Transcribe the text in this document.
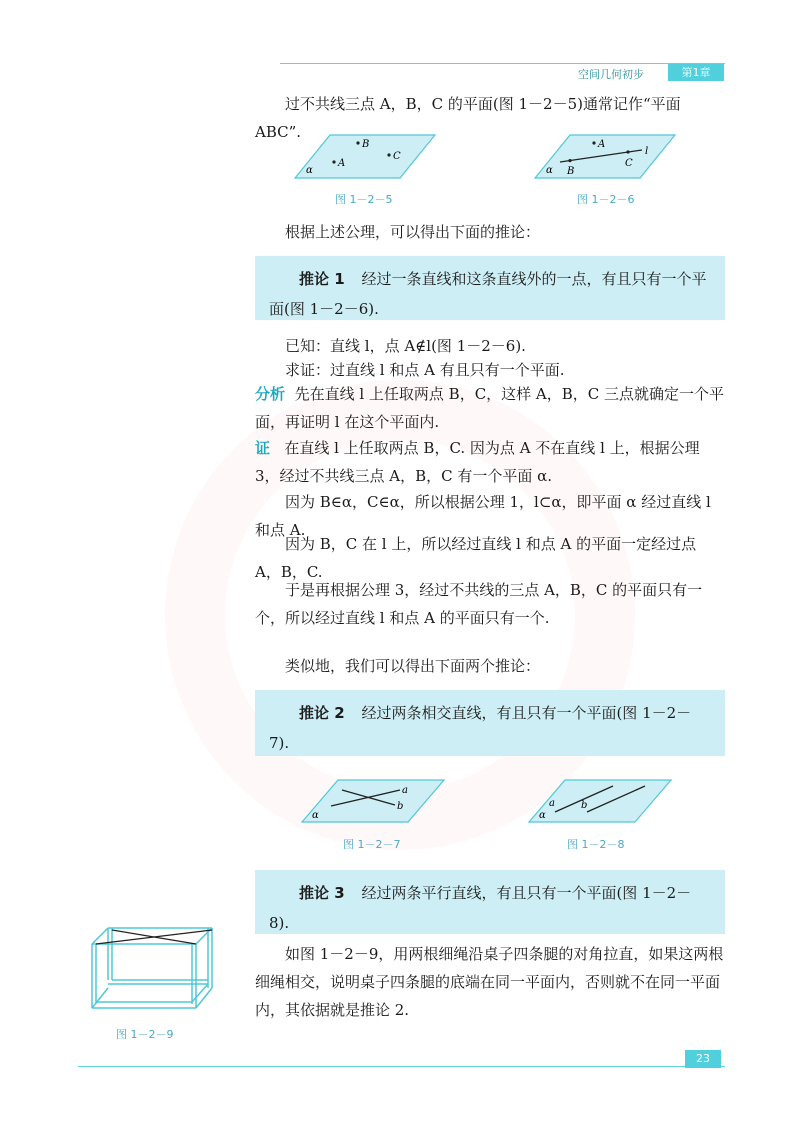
空间几何初步	第1章

过不共线三点 A，B，C 的平面(图 1－2－5)通常记作“平面 ABC”.

B
A
C
α
图 1－2－5
A
l
α B
C
图 1－2－6

根据上述公理，可以得出下面的推论：

推论 1 经过一条直线和这条直线外的一点，有且只有一个平面(图 1－2－6).

已知：直线 l，点 A∉l(图 1－2－6).

求证：过直线 l 和点 A 有且只有一个平面.

分析 先在直线 l 上任取两点 B，C，这样 A，B，C 三点就确定一个平面，再证明 l 在这个平面内.

证 在直线 l 上任取两点 B，C. 因为点 A 不在直线 l 上，根据公理 3，经过不共线三点 A，B，C 有一个平面 α.

因为 B∈α，C∈α，所以根据公理 1，l⊂α，即平面 α 经过直线 l 和点 A.

因为 B，C 在 l 上，所以经过直线 l 和点 A 的平面一定经过点 A，B，C.

于是再根据公理 3，经过不共线的三点 A，B，C 的平面只有一个，所以经过直线 l 和点 A 的平面只有一个.

类似地，我们可以得出下面两个推论：

推论 2 经过两条相交直线，有且只有一个平面(图 1－2－7).
a
b
α
图 1－2－7
a	b
α
图 1－2－8
推论 3 经过两条平行直线，有且只有一个平面(图 1－2－8).
图 1－2－9

如图 1－2－9，用两根细绳沿桌子四条腿的对角拉直，如果这两根细绳相交，说明桌子四条腿的底端在同一平面内，否则就不在同一平面内，其依据就是推论 2.

23
